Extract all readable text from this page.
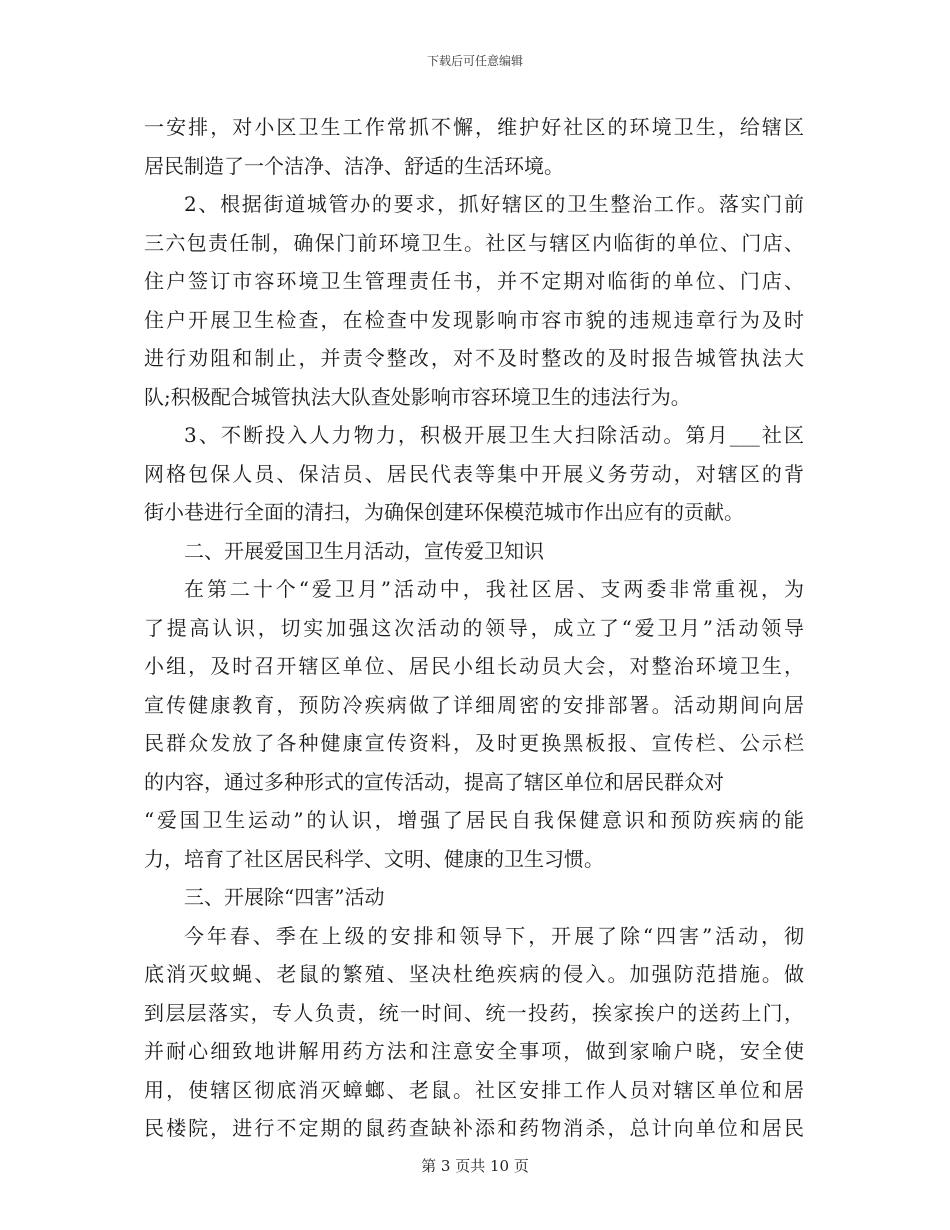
下载后可任意编辑
一安排，对小区卫生工作常抓不懈，维护好社区的环境卫生，给辖区
居民制造了一个洁净、洁净、舒适的生活环境。
2、根据街道城管办的要求，抓好辖区的卫生整治工作。落实门前
三六包责任制，确保门前环境卫生。社区与辖区内临街的单位、门店、
住户签订市容环境卫生管理责任书，并不定期对临街的单位、门店、
住户开展卫生检查，在检查中发现影响市容市貌的违规违章行为及时
进行劝阻和制止，并责令整改，对不及时整改的及时报告城管执法大
队;积极配合城管执法大队查处影响市容环境卫生的违法行为。
3、不断投入人力物力，积极开展卫生大扫除活动。第月___社区
网格包保人员、保洁员、居民代表等集中开展义务劳动，对辖区的背
街小巷进行全面的清扫，为确保创建环保模范城市作出应有的贡献。
二、开展爱国卫生月活动，宣传爱卫知识
在第二十个“爱卫月”活动中，我社区居、支两委非常重视，为
了提高认识，切实加强这次活动的领导，成立了“爱卫月”活动领导
小组，及时召开辖区单位、居民小组长动员大会，对整治环境卫生，
宣传健康教育，预防冷疾病做了详细周密的安排部署。活动期间向居
民群众发放了各种健康宣传资料，及时更换黑板报、宣传栏、公示栏
的内容，通过多种形式的宣传活动，提高了辖区单位和居民群众对
“爱国卫生运动”的认识，增强了居民自我保健意识和预防疾病的能
力，培育了社区居民科学、文明、健康的卫生习惯。
三、开展除“四害”活动
今年春、季在上级的安排和领导下，开展了除“四害”活动，彻
底消灭蚊蝇、老鼠的繁殖、坚决杜绝疾病的侵入。加强防范措施。做
到层层落实，专人负责，统一时间、统一投药，挨家挨户的送药上门，
并耐心细致地讲解用药方法和注意安全事项，做到家喻户晓，安全使
用，使辖区彻底消灭蟑螂、老鼠。社区安排工作人员对辖区单位和居
民楼院，进行不定期的鼠药查缺补添和药物消杀，总计向单位和居民
第 3 页共 10 页
